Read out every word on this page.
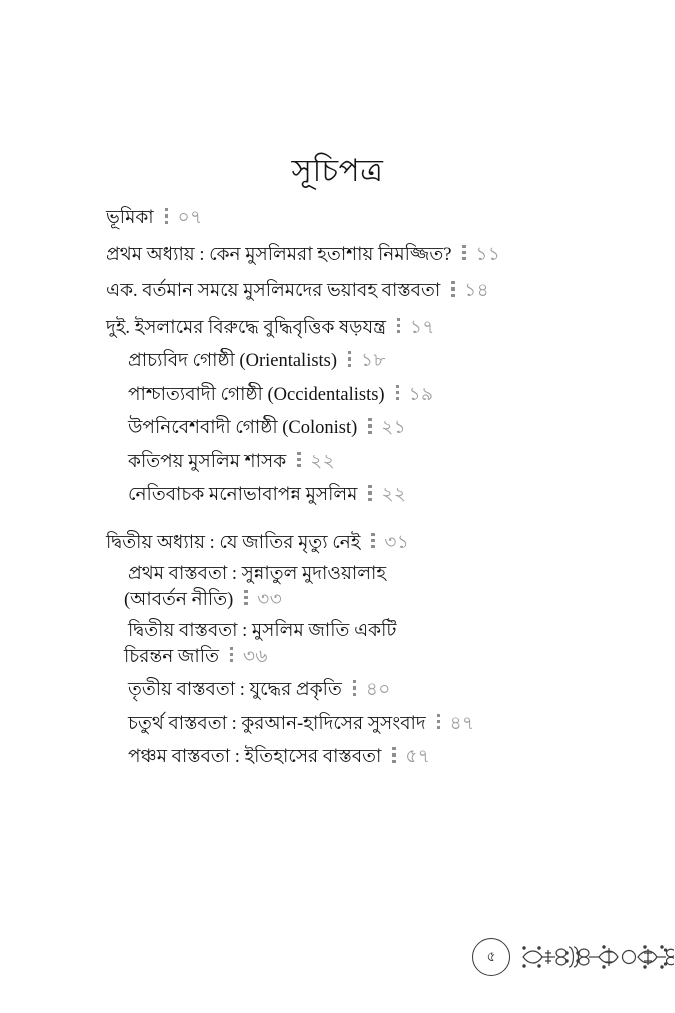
সূচিপত্র
ভূমিকা ০৭
প্রথম অধ্যায় : কেন মুসলিমরা হতাশায় নিমজ্জিত? ১১
এক. বর্তমান সময়ে মুসলিমদের ভয়াবহ বাস্তবতা ১৪
দুই. ইসলামের বিরুদ্ধে বুদ্ধিবৃত্তিক ষড়যন্ত্র ১৭
প্রাচ্যবিদ গোষ্ঠী (Orientalists) ১৮
পাশ্চাত্যবাদী গোষ্ঠী (Occidentalists) ১৯
উপনিবেশবাদী গোষ্ঠী (Colonist) ২১
কতিপয় মুসলিম শাসক ২২
নেতিবাচক মনোভাবাপন্ন মুসলিম ২২
দ্বিতীয় অধ্যায় : যে জাতির মৃত্যু নেই ৩১
প্রথম বাস্তবতা : সুন্নাতুল মুদাওয়ালাহ
(আবর্তন নীতি) ৩৩
দ্বিতীয় বাস্তবতা : মুসলিম জাতি একটি
চিরন্তন জাতি ৩৬
তৃতীয় বাস্তবতা : যুদ্ধের প্রকৃতি ৪০
চতুর্থ বাস্তবতা : কুরআন-হাদিসের সুসংবাদ ৪৭
পঞ্চম বাস্তবতা : ইতিহাসের বাস্তবতা ৫৭
৫
